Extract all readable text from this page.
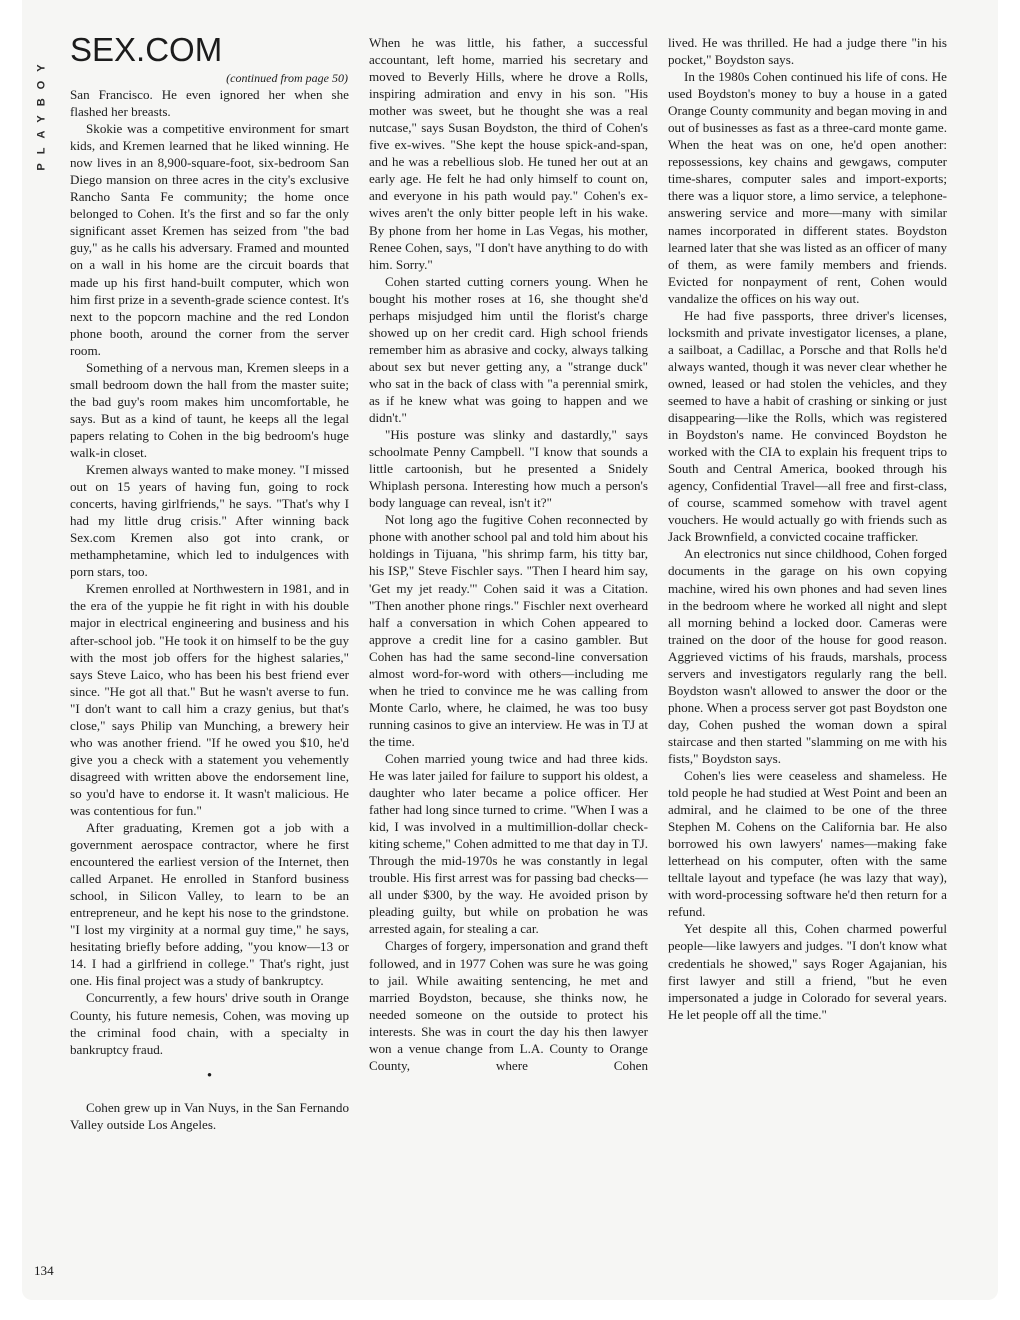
PLAYBOY
SEX.COM
(continued from page 50)

San Francisco. He even ignored her when she flashed her breasts.

Skokie was a competitive environment for smart kids, and Kremen learned that he liked winning. He now lives in an 8,900-square-foot, six-bedroom San Diego mansion on three acres in the city's exclusive Rancho Santa Fe community; the home once belonged to Cohen. It's the first and so far the only significant asset Kremen has seized from "the bad guy," as he calls his adversary. Framed and mounted on a wall in his home are the circuit boards that made up his first hand-built computer, which won him first prize in a seventh-grade science contest. It's next to the popcorn machine and the red London phone booth, around the corner from the server room.

Something of a nervous man, Kremen sleeps in a small bedroom down the hall from the master suite; the bad guy's room makes him uncomfortable, he says. But as a kind of taunt, he keeps all the legal papers relating to Cohen in the big bedroom's huge walk-in closet.

Kremen always wanted to make money. "I missed out on 15 years of having fun, going to rock concerts, having girlfriends," he says. "That's why I had my little drug crisis." After winning back Sex.com Kremen also got into crank, or methamphetamine, which led to indulgences with porn stars, too.

Kremen enrolled at Northwestern in 1981, and in the era of the yuppie he fit right in with his double major in electrical engineering and business and his after-school job. "He took it on himself to be the guy with the most job offers for the highest salaries," says Steve Laico, who has been his best friend ever since. "He got all that." But he wasn't averse to fun. "I don't want to call him a crazy genius, but that's close," says Philip van Munching, a brewery heir who was another friend. "If he owed you $10, he'd give you a check with a statement you vehemently disagreed with written above the endorsement line, so you'd have to endorse it. It wasn't malicious. He was contentious for fun."

After graduating, Kremen got a job with a government aerospace contractor, where he first encountered the earliest version of the Internet, then called Arpanet. He enrolled in Stanford business school, in Silicon Valley, to learn to be an entrepreneur, and he kept his nose to the grindstone. "I lost my virginity at a normal guy time," he says, hesitating briefly before adding, "you know—13 or 14. I had a girlfriend in college." That's right, just one. His final project was a study of bankruptcy.

Concurrently, a few hours' drive south in Orange County, his future nemesis, Cohen, was moving up the criminal food chain, with a specialty in bankruptcy fraud.

•

Cohen grew up in Van Nuys, in the San Fernando Valley outside Los Angeles.

When he was little, his father, a successful accountant, left home, married his secretary and moved to Beverly Hills, where he drove a Rolls, inspiring admiration and envy in his son. "His mother was sweet, but he thought she was a real nutcase," says Susan Boydston, the third of Cohen's five ex-wives. "She kept the house spick-and-span, and he was a rebellious slob. He tuned her out at an early age. He felt he had only himself to count on, and everyone in his path would pay." Cohen's ex-wives aren't the only bitter people left in his wake. By phone from her home in Las Vegas, his mother, Renee Cohen, says, "I don't have anything to do with him. Sorry."

Cohen started cutting corners young. When he bought his mother roses at 16, she thought she'd perhaps misjudged him until the florist's charge showed up on her credit card. High school friends remember him as abrasive and cocky, always talking about sex but never getting any, a "strange duck" who sat in the back of class with "a perennial smirk, as if he knew what was going to happen and we didn't."

"His posture was slinky and dastardly," says schoolmate Penny Campbell. "I know that sounds a little cartoonish, but he presented a Snidely Whiplash persona. Interesting how much a person's body language can reveal, isn't it?"

Not long ago the fugitive Cohen reconnected by phone with another school pal and told him about his holdings in Tijuana, "his shrimp farm, his titty bar, his ISP," Steve Fischler says. "Then I heard him say, 'Get my jet ready.'" Cohen said it was a Citation. "Then another phone rings." Fischler next overheard half a conversation in which Cohen appeared to approve a credit line for a casino gambler. But Cohen has had the same second-line conversation almost word-for-word with others—including me when he tried to convince me he was calling from Monte Carlo, where, he claimed, he was too busy running casinos to give an interview. He was in TJ at the time.

Cohen married young twice and had three kids. He was later jailed for failure to support his oldest, a daughter who later became a police officer. Her father had long since turned to crime. "When I was a kid, I was involved in a multimillion-dollar check-kiting scheme," Cohen admitted to me that day in TJ. Through the mid-1970s he was constantly in legal trouble. His first arrest was for passing bad checks—all under $300, by the way. He avoided prison by pleading guilty, but while on probation he was arrested again, for stealing a car.

Charges of forgery, impersonation and grand theft followed, and in 1977 Cohen was sure he was going to jail. While awaiting sentencing, he met and married Boydston, because, she thinks now, he needed someone on the outside to protect his interests. She was in court the day his then lawyer won a venue change from L.A. County to Orange County, where Cohen

lived. He was thrilled. He had a judge there "in his pocket," Boydston says.

In the 1980s Cohen continued his life of cons. He used Boydston's money to buy a house in a gated Orange County community and began moving in and out of businesses as fast as a three-card monte game. When the heat was on one, he'd open another: repossessions, key chains and gewgaws, computer time-shares, computer sales and import-exports; there was a liquor store, a limo service, a telephone-answering service and more—many with similar names incorporated in different states. Boydston learned later that she was listed as an officer of many of them, as were family members and friends. Evicted for nonpayment of rent, Cohen would vandalize the offices on his way out.

He had five passports, three driver's licenses, locksmith and private investigator licenses, a plane, a sailboat, a Cadillac, a Porsche and that Rolls he'd always wanted, though it was never clear whether he owned, leased or had stolen the vehicles, and they seemed to have a habit of crashing or sinking or just disappearing—like the Rolls, which was registered in Boydston's name. He convinced Boydston he worked with the CIA to explain his frequent trips to South and Central America, booked through his agency, Confidential Travel—all free and first-class, of course, scammed somehow with travel agent vouchers. He would actually go with friends such as Jack Brownfield, a convicted cocaine trafficker.

An electronics nut since childhood, Cohen forged documents in the garage on his own copying machine, wired his own phones and had seven lines in the bedroom where he worked all night and slept all morning behind a locked door. Cameras were trained on the door of the house for good reason. Aggrieved victims of his frauds, marshals, process servers and investigators regularly rang the bell. Boydston wasn't allowed to answer the door or the phone. When a process server got past Boydston one day, Cohen pushed the woman down a spiral staircase and then started "slamming on me with his fists," Boydston says.

Cohen's lies were ceaseless and shameless. He told people he had studied at West Point and been an admiral, and he claimed to be one of the three Stephen M. Cohens on the California bar. He also borrowed his own lawyers' names—making fake letterhead on his computer, often with the same telltale layout and typeface (he was lazy that way), with word-processing software he'd then return for a refund.

Yet despite all this, Cohen charmed powerful people—like lawyers and judges. "I don't know what credentials he showed," says Roger Agajanian, his first lawyer and still a friend, "but he even impersonated a judge in Colorado for several years. He let people off all the time."

134
